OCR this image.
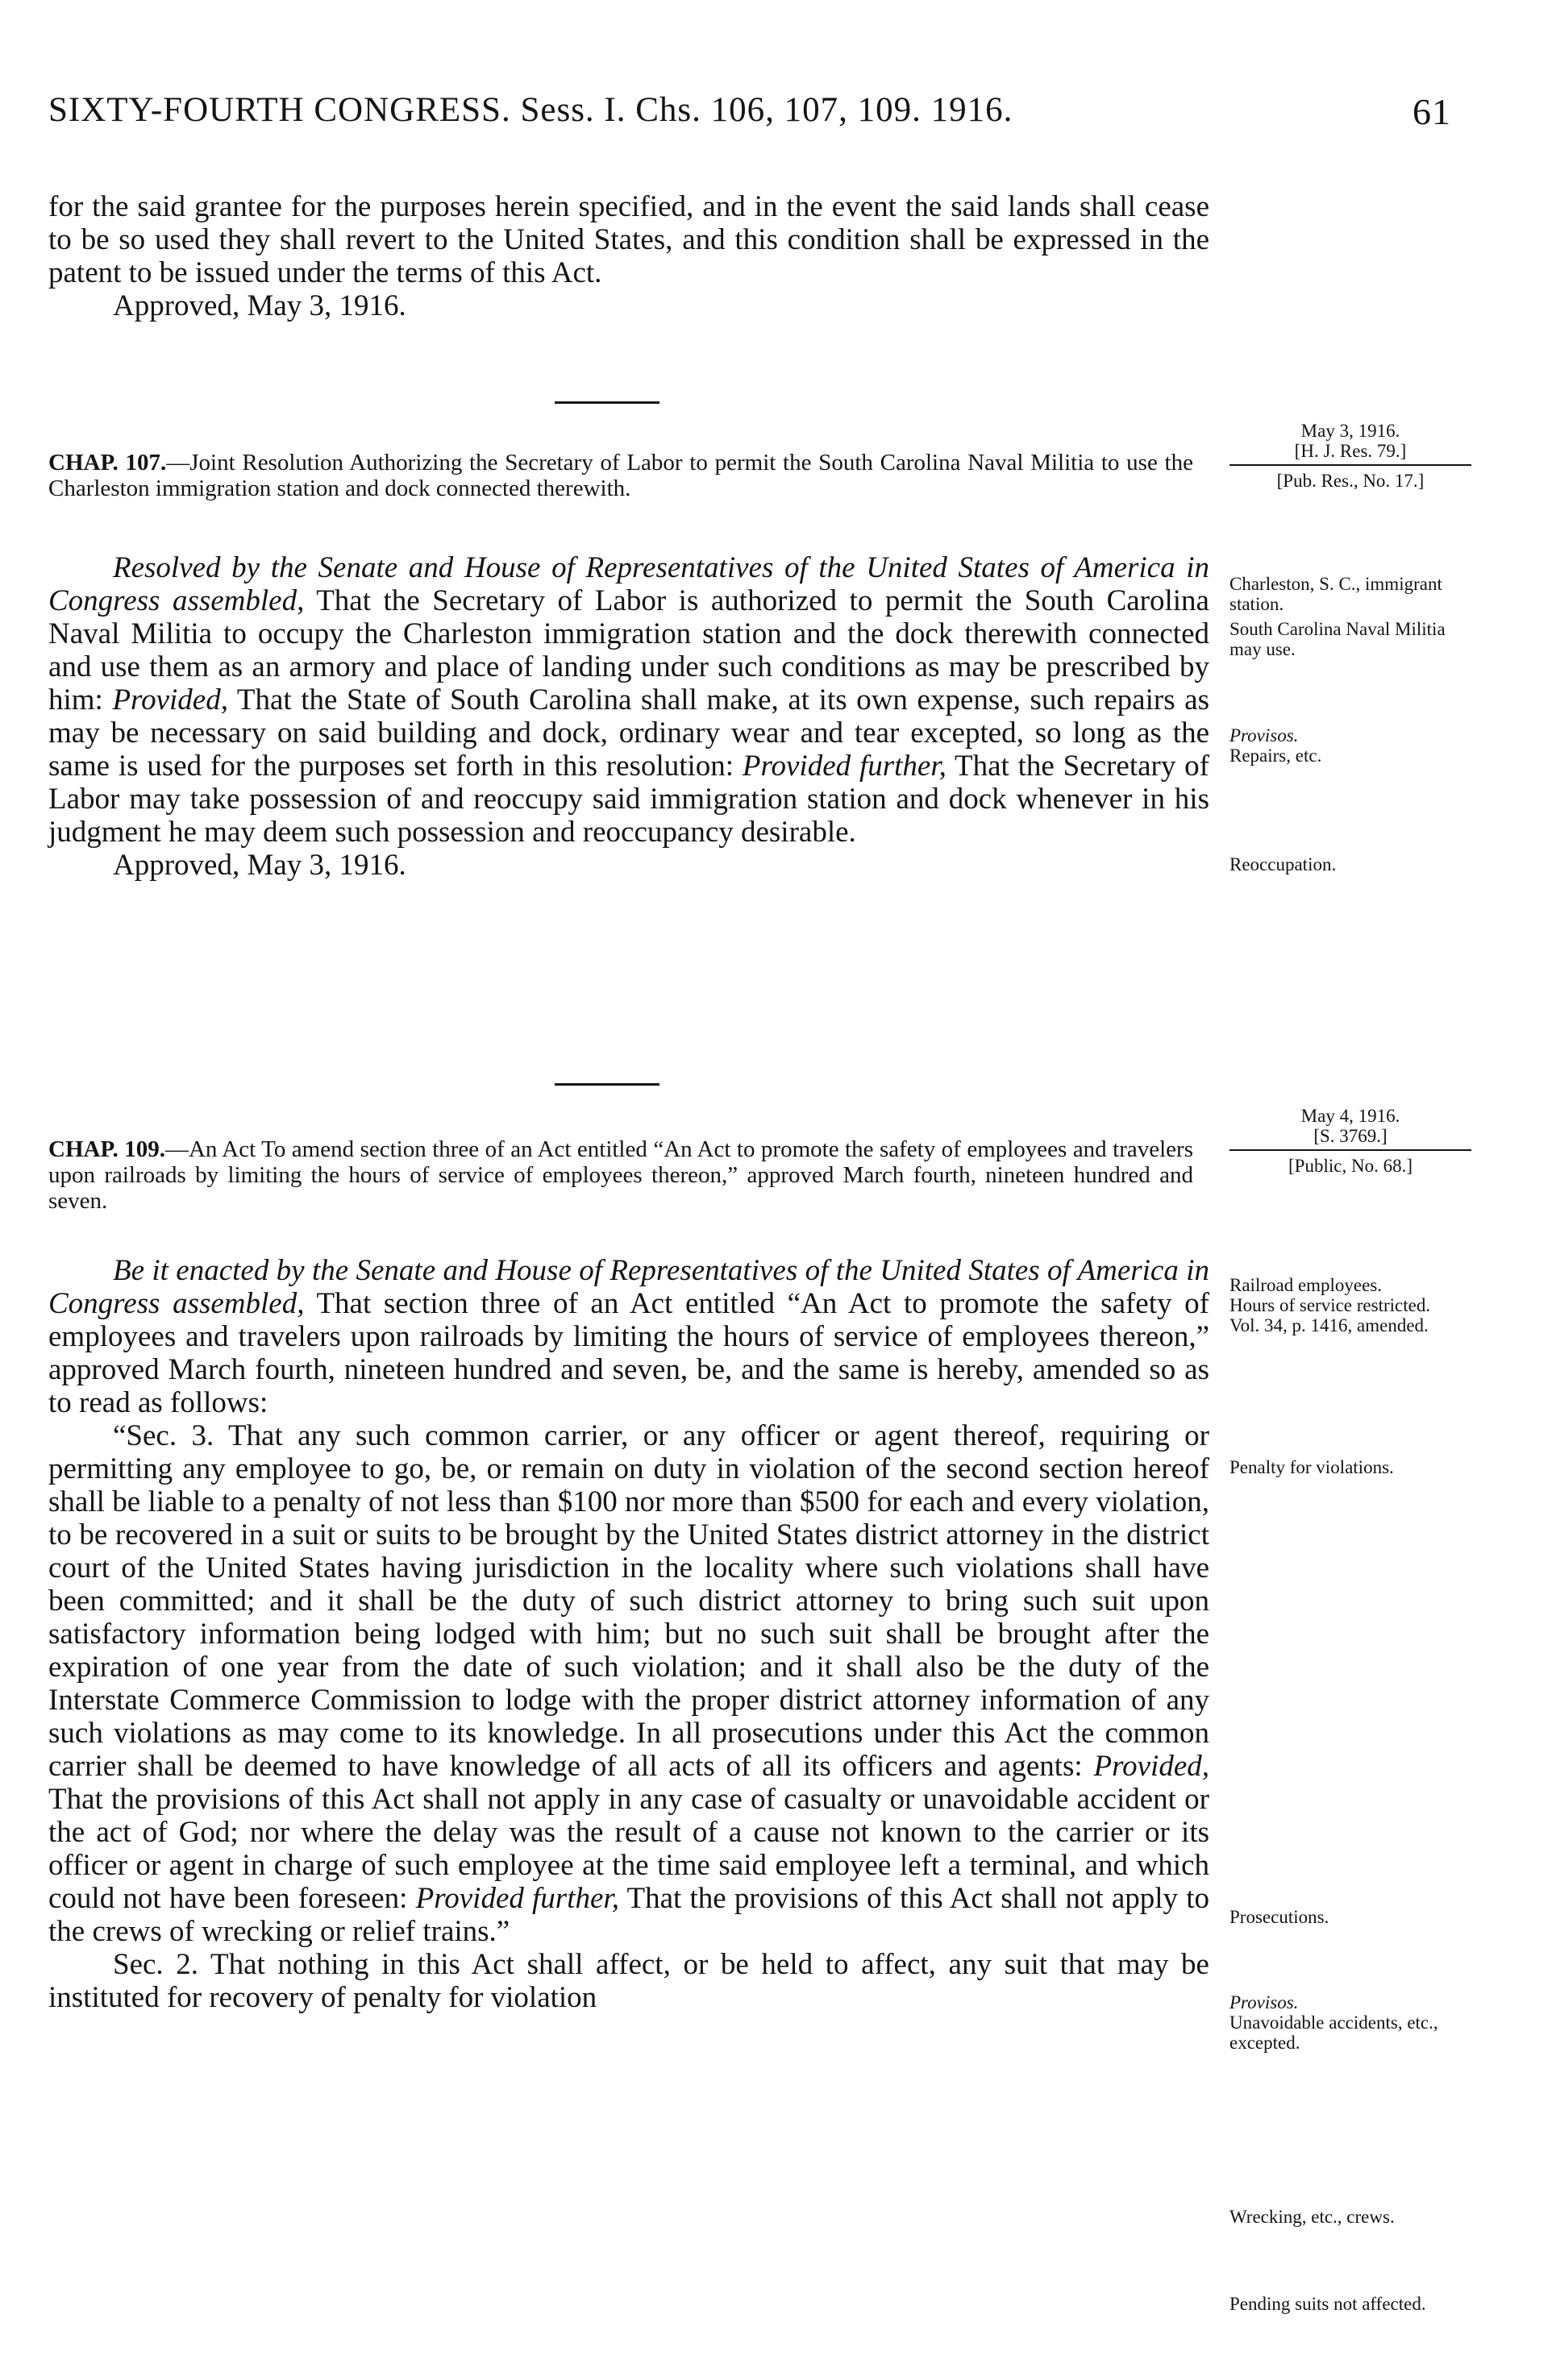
SIXTY-FOURTH CONGRESS. Sess. I. Chs. 106, 107, 109. 1916.	61

for the said grantee for the purposes herein specified, and in the event the said lands shall cease to be so used they shall revert to the United States, and this condition shall be expressed in the patent to be issued under the terms of this Act.

Approved, May 3, 1916.

May 3, 1916.
[H. J. Res. 79.]
[Pub. Res., No. 17.]
CHAP. 107.—Joint Resolution Authorizing the Secretary of Labor to permit the South Carolina Naval Militia to use the Charleston immigration station and dock connected therewith.

Resolved by the Senate and House of Representatives of the United States of America in Congress assembled, That the Secretary of Labor is authorized to permit the South Carolina Naval Militia to occupy the Charleston immigration station and the dock therewith connected and use them as an armory and place of landing under such conditions as may be prescribed by him: Provided, That the State of South Carolina shall make, at its own expense, such repairs as may be necessary on said building and dock, ordinary wear and tear excepted, so long as the same is used for the purposes set forth in this resolution: Provided further, That the Secretary of Labor may take possession of and reoccupy said immigration station and dock whenever in his judgment he may deem such possession and reoccupancy desirable.

Approved, May 3, 1916.

Charleston, S. C., immigrant station.
South Carolina Naval Militia may use.
Provisos.
Repairs, etc.
Reoccupation.
May 4, 1916.
[S. 3769.]
[Public, No. 68.]
CHAP. 109.—An Act To amend section three of an Act entitled “An Act to promote the safety of employees and travelers upon railroads by limiting the hours of service of employees thereon,” approved March fourth, nineteen hundred and seven.

Be it enacted by the Senate and House of Representatives of the United States of America in Congress assembled, That section three of an Act entitled “An Act to promote the safety of employees and travelers upon railroads by limiting the hours of service of employees thereon,” approved March fourth, nineteen hundred and seven, be, and the same is hereby, amended so as to read as follows:

“Sec. 3. That any such common carrier, or any officer or agent thereof, requiring or permitting any employee to go, be, or remain on duty in violation of the second section hereof shall be liable to a penalty of not less than $100 nor more than $500 for each and every violation, to be recovered in a suit or suits to be brought by the United States district attorney in the district court of the United States having jurisdiction in the locality where such violations shall have been committed; and it shall be the duty of such district attorney to bring such suit upon satisfactory information being lodged with him; but no such suit shall be brought after the expiration of one year from the date of such violation; and it shall also be the duty of the Interstate Commerce Commission to lodge with the proper district attorney information of any such violations as may come to its knowledge. In all prosecutions under this Act the common carrier shall be deemed to have knowledge of all acts of all its officers and agents: Provided, That the provisions of this Act shall not apply in any case of casualty or unavoidable accident or the act of God; nor where the delay was the result of a cause not known to the carrier or its officer or agent in charge of such employee at the time said employee left a terminal, and which could not have been foreseen: Provided further, That the provisions of this Act shall not apply to the crews of wrecking or relief trains.”

Sec. 2. That nothing in this Act shall affect, or be held to affect, any suit that may be instituted for recovery of penalty for violation

Railroad employees.
Hours of service restricted.
Vol. 34, p. 1416, amended.
Penalty for violations.
Prosecutions.
Provisos.
Unavoidable accidents, etc., excepted.
Wrecking, etc., crews.
Pending suits not affected.
